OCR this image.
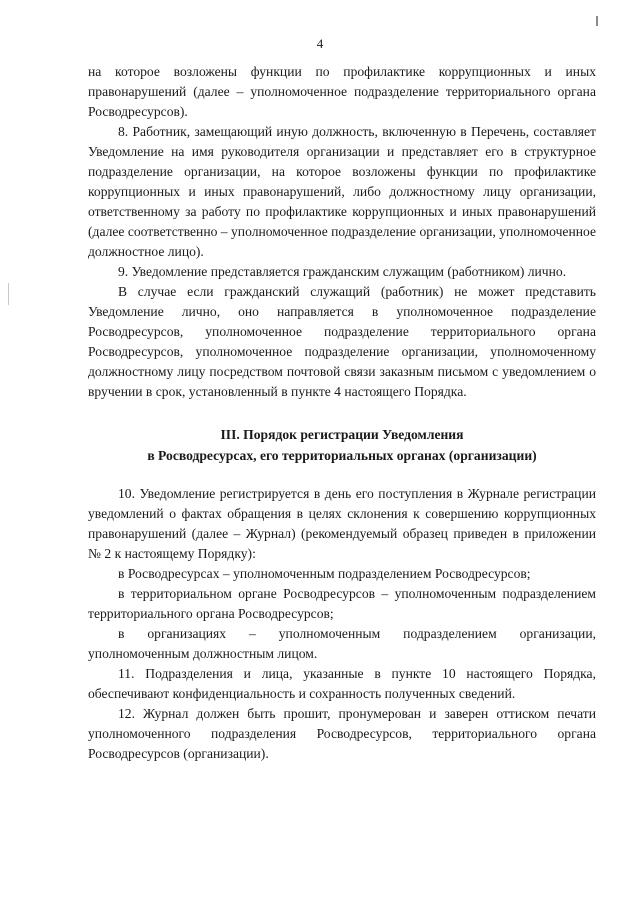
4

на которое возложены функции по профилактике коррупционных и иных правонарушений (далее – уполномоченное подразделение территориального органа Росводресурсов).

8. Работник, замещающий иную должность, включенную в Перечень, составляет Уведомление на имя руководителя организации и представляет его в структурное подразделение организации, на которое возложены функции по профилактике коррупционных и иных правонарушений, либо должностному лицу организации, ответственному за работу по профилактике коррупционных и иных правонарушений (далее соответственно – уполномоченное подразделение организации, уполномоченное должностное лицо).

9. Уведомление представляется гражданским служащим (работником) лично.

В случае если гражданский служащий (работник) не может представить Уведомление лично, оно направляется в уполномоченное подразделение Росводресурсов, уполномоченное подразделение территориального органа Росводресурсов, уполномоченное подразделение организации, уполномоченному должностному лицу посредством почтовой связи заказным письмом с уведомлением о вручении в срок, установленный в пункте 4 настоящего Порядка.

III. Порядок регистрации Уведомления
в Росводресурсах, его территориальных органах (организации)

10. Уведомление регистрируется в день его поступления в Журнале регистрации уведомлений о фактах обращения в целях склонения к совершению коррупционных правонарушений (далее – Журнал) (рекомендуемый образец приведен в приложении № 2 к настоящему Порядку):

в Росводресурсах – уполномоченным подразделением Росводресурсов;

в территориальном органе Росводресурсов – уполномоченным подразделением территориального органа Росводресурсов;

в организациях – уполномоченным подразделением организации, уполномоченным должностным лицом.

11. Подразделения и лица, указанные в пункте 10 настоящего Порядка, обеспечивают конфиденциальность и сохранность полученных сведений.

12. Журнал должен быть прошит, пронумерован и заверен оттиском печати уполномоченного подразделения Росводресурсов, территориального органа Росводресурсов (организации).
